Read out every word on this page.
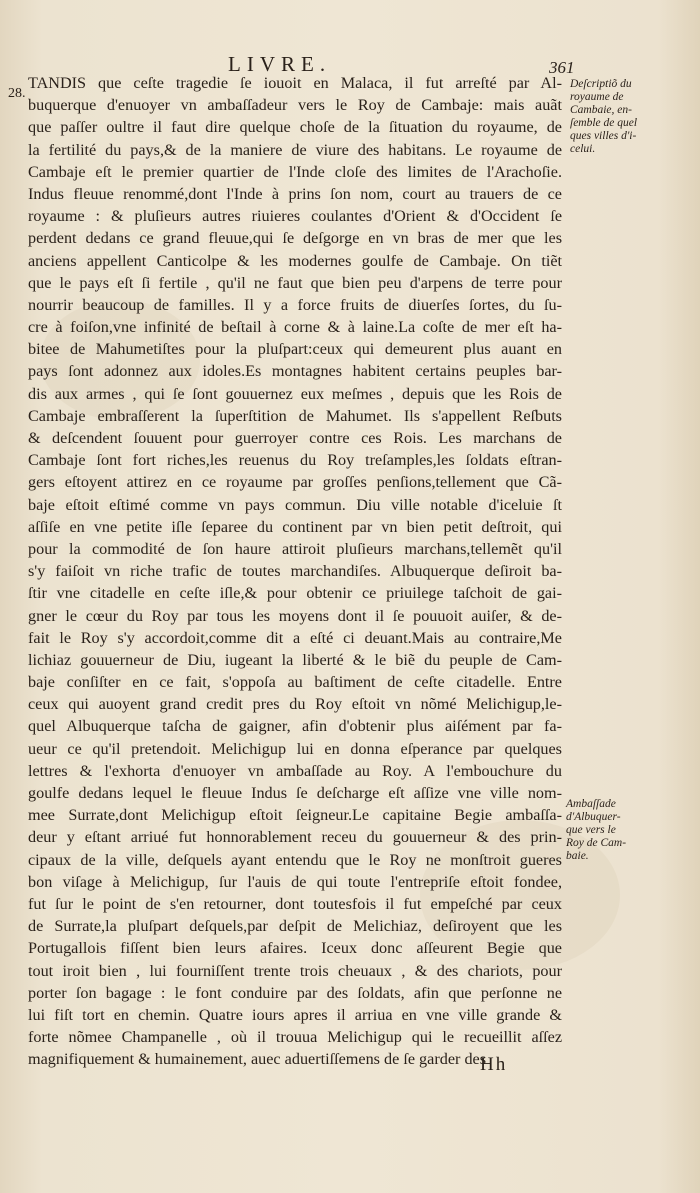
LIVRE.	361
28.
TANDIS que ceſte tragedie ſe iouoit en Malaca, il fut arreſté par Al-
buquerque d'enuoyer vn ambaſſadeur vers le Roy de Cambaje: mais auãt
que paſſer oultre il faut dire quelque choſe de la ſituation du royaume, de
la fertilité du pays,& de la maniere de viure des habitans. Le royaume de
Cambaje eſt le premier quartier de l'Inde cloſe des limites de l'Arachoſie.
Indus fleuue renommé,dont l'Inde à prins ſon nom, court au trauers de ce
royaume : & pluſieurs autres riuieres coulantes d'Orient & d'Occident ſe
perdent dedans ce grand fleuue,qui ſe deſgorge en vn bras de mer que les
anciens appellent Canticolpe & les modernes goulfe de Cambaje. On tiẽt
que le pays eſt ſi fertile , qu'il ne faut que bien peu d'arpens de terre pour
nourrir beaucoup de familles. Il y a force fruits de diuerſes ſortes, du ſu-
cre à foiſon,vne infinité de beſtail à corne & à laine.La coſte de mer eſt ha-
bitee de Mahumetiſtes pour la pluſpart:ceux qui demeurent plus auant en
pays ſont adonnez aux idoles.Es montagnes habitent certains peuples bar-
dis aux armes , qui ſe ſont gouuernez eux meſmes , depuis que les Rois de
Cambaje embraſſerent la ſuperſtition de Mahumet. Ils s'appellent Reſbuts
& deſcendent ſouuent pour guerroyer contre ces Rois. Les marchans de
Cambaje ſont fort riches,les reuenus du Roy treſamples,les ſoldats eſtran-
gers eſtoyent attirez en ce royaume par groſſes penſions,tellement que Cã-
baje eſtoit eſtimé comme vn pays commun. Diu ville notable d'iceluie ſt
aſſiſe en vne petite iſle ſeparee du continent par vn bien petit deſtroit, qui
pour la commodité de ſon haure attiroit pluſieurs marchans,tellemẽt qu'il
s'y faiſoit vn riche trafic de toutes marchandiſes. Albuquerque deſiroit ba-
ſtir vne citadelle en ceſte iſle,& pour obtenir ce priuilege taſchoit de gai-
gner le cœur du Roy par tous les moyens dont il ſe pouuoit auiſer, & de-
fait le Roy s'y accordoit,comme dit a eſté ci deuant.Mais au contraire,Me
lichiaz gouuerneur de Diu, iugeant la liberté & le biẽ du peuple de Cam-
baje conſiſter en ce fait, s'oppoſa au baſtiment de ceſte citadelle. Entre
ceux qui auoyent grand credit pres du Roy eſtoit vn nõmé Melichigup,le-
quel Albuquerque taſcha de gaigner, afin d'obtenir plus aiſément par fa-
ueur ce qu'il pretendoit. Melichigup lui en donna eſperance par quelques
lettres & l'exhorta d'enuoyer vn ambaſſade au Roy. A l'embouchure du
goulfe dedans lequel le fleuue Indus ſe deſcharge eſt aſſize vne ville nom-
mee Surrate,dont Melichigup eſtoit ſeigneur.Le capitaine Begie ambaſſa-
deur y eſtant arriué fut honnorablement receu du gouuerneur & des prin-
cipaux de la ville, deſquels ayant entendu que le Roy ne monſtroit gueres
bon viſage à Melichigup, ſur l'auis de qui toute l'entrepriſe eſtoit fondee,
fut ſur le point de s'en retourner, dont toutesfois il fut empeſché par ceux
de Surrate,la pluſpart deſquels,par deſpit de Melichiaz, deſiroyent que les
Portugallois fiſſent bien leurs afaires. Iceux donc aſſeurent Begie que
tout iroit bien , lui fourniſſent trente trois cheuaux , & des chariots, pour
porter ſon bagage : le font conduire par des ſoldats, afin que perſonne ne
lui fiſt tort en chemin. Quatre iours apres il arriua en vne ville grande &
forte nõmee Champanelle , où il trouua Melichigup qui le recueillit aſſez
magnifiquement & humainement, auec aduertiſſemens de ſe garder des
Deſcriptiõ du
royaume de
Cambaie, en-
ſemble de quel
ques villes d'i-
celui.
Ambaſſade
d'Albuquer-
que vers le
Roy de Cam-
baie.
Hh
